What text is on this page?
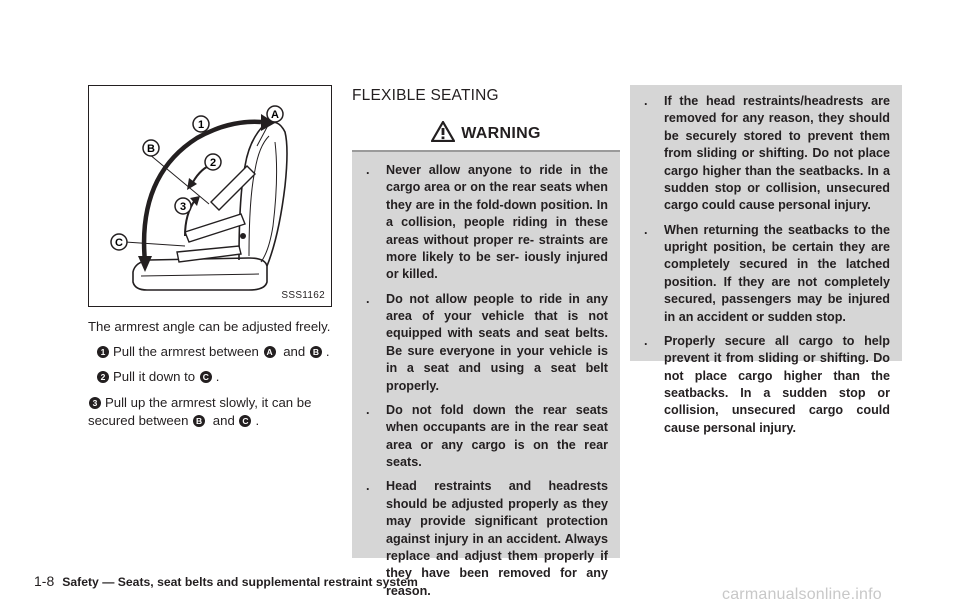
1
2
3
A
B
C
SSS1162

The armrest angle can be adjusted freely.

1 Pull the armrest between A and B .
2 Pull it down to C .
3 Pull up the armrest slowly, it can be secured between B and C .
FLEXIBLE SEATING
WARNING
. Never allow anyone to ride in the cargo area or on the rear seats when they are in the fold-down position. In a collision, people riding in these areas without proper re- straints are more likely to be ser- iously injured or killed.
. Do not allow people to ride in any area of your vehicle that is not equipped with seats and seat belts. Be sure everyone in your vehicle is in a seat and using a seat belt properly.
. Do not fold down the rear seats when occupants are in the rear seat area or any cargo is on the rear seats.
. Head restraints and headrests should be adjusted properly as they may provide significant protection against injury in an accident. Always replace and adjust them properly if they have been removed for any reason.
. If the head restraints/headrests are removed for any reason, they should be securely stored to prevent them from sliding or shifting. Do not place cargo higher than the seatbacks. In a sudden stop or collision, unsecured cargo could cause personal injury.
. When returning the seatbacks to the upright position, be certain they are completely secured in the latched position. If they are not completely secured, passengers may be injured in an accident or sudden stop.
. Properly secure all cargo to help prevent it from sliding or shifting. Do not place cargo higher than the seatbacks. In a sudden stop or collision, unsecured cargo could cause personal injury.
1-8 Safety — Seats, seat belts and supplemental restraint system
carmanualsonline.info
